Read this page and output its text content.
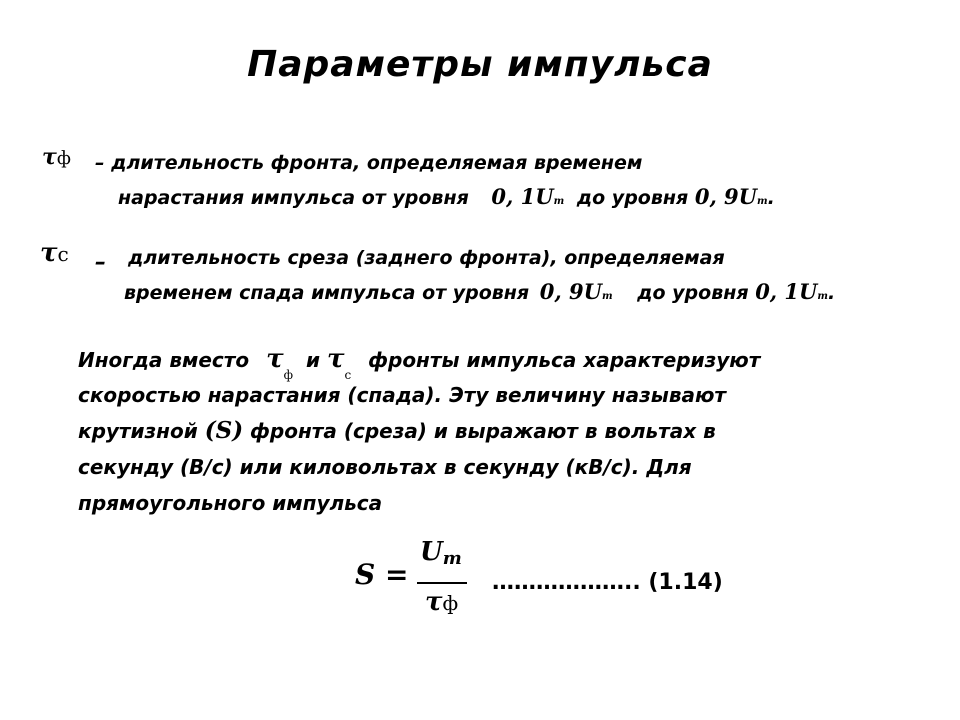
Параметры импульса
τф – длительность фронта, определяемая временем
нарастания импульса от уровня 0, 1Um до уровня 0, 9Um.
τс – длительность среза (заднего фронта), определяемая
временем спада импульса от уровня 0, 9Um до уровня 0, 1Um.
Иногда вместо $\tau_ф$ и $\tau_с$ фронты импульса характеризуют
скоростью нарастания (спада). Эту величину называют
крутизной (S) фронта (среза) и выражают в вольтах в
секунду (В/с) или киловольтах в секунду (кВ/с). Для
прямоугольного импульса
S =
Um
τф
……………….. (1.14)
